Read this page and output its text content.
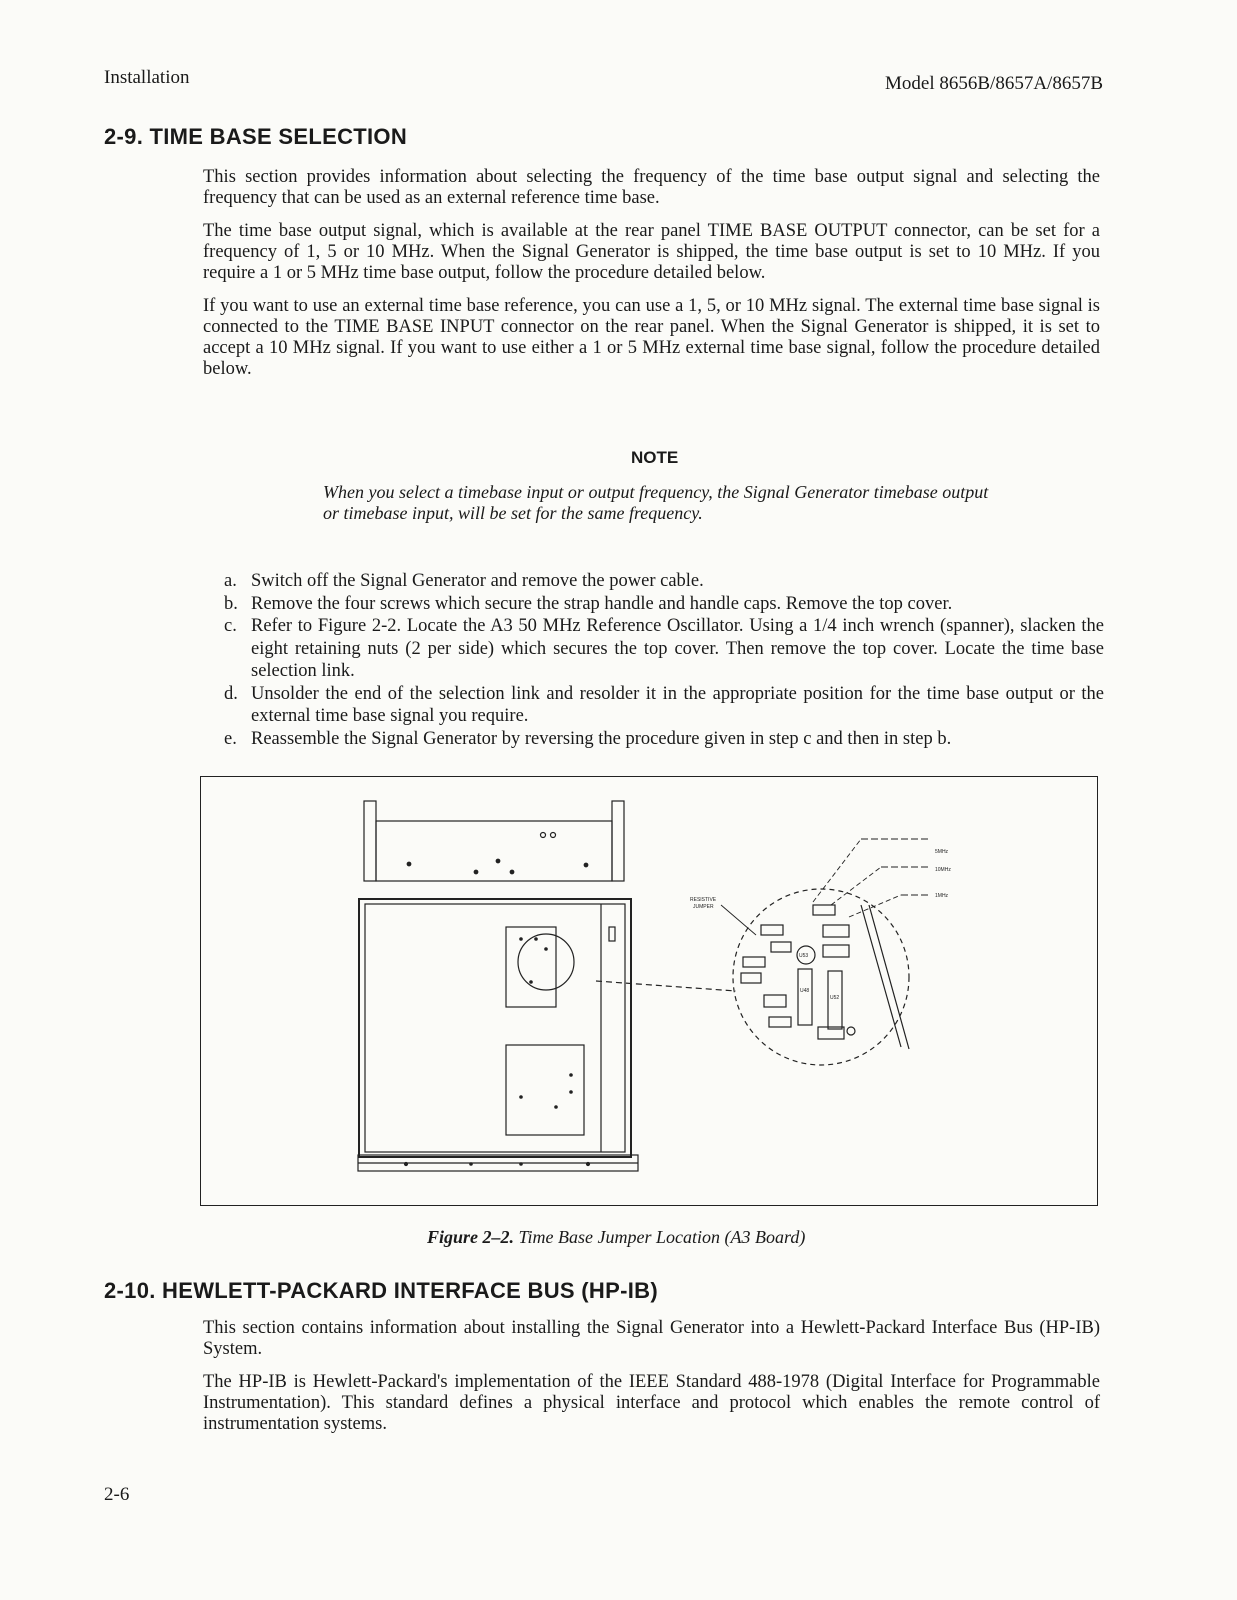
Installation	Model 8656B/8657A/8657B
2-9. TIME BASE SELECTION

This section provides information about selecting the frequency of the time base output signal and selecting the frequency that can be used as an external reference time base.

The time base output signal, which is available at the rear panel TIME BASE OUTPUT connector, can be set for a frequency of 1, 5 or 10 MHz. When the Signal Generator is shipped, the time base output is set to 10 MHz. If you require a 1 or 5 MHz time base output, follow the procedure detailed below.

If you want to use an external time base reference, you can use a 1, 5, or 10 MHz signal. The external time base signal is connected to the TIME BASE INPUT connector on the rear panel. When the Signal Generator is shipped, it is set to accept a 10 MHz signal. If you want to use either a 1 or 5 MHz external time base signal, follow the procedure detailed below.

NOTE
When you select a timebase input or output frequency, the Signal Generator timebase output or timebase input, will be set for the same frequency.
a. Switch off the Signal Generator and remove the power cable.
b. Remove the four screws which secure the strap handle and handle caps. Remove the top cover.
c. Refer to Figure 2-2. Locate the A3 50 MHz Reference Oscillator. Using a 1/4 inch wrench (spanner), slacken the eight retaining nuts (2 per side) which secures the top cover. Then remove the top cover. Locate the time base selection link.
d. Unsolder the end of the selection link and resolder it in the appropriate position for the time base output or the external time base signal you require.
e. Reassemble the Signal Generator by reversing the procedure given in step c and then in step b.
5MHz
10MHz
1MHz
RESISTIVE
JUMPER
U53
U48
U52
Figure 2–2. Time Base Jumper Location (A3 Board)
2-10. HEWLETT-PACKARD INTERFACE BUS (HP-IB)

This section contains information about installing the Signal Generator into a Hewlett-Packard Interface Bus (HP-IB) System.

The HP-IB is Hewlett-Packard's implementation of the IEEE Standard 488-1978 (Digital Interface for Programmable Instrumentation). This standard defines a physical interface and protocol which enables the remote control of instrumentation systems.

2-6
